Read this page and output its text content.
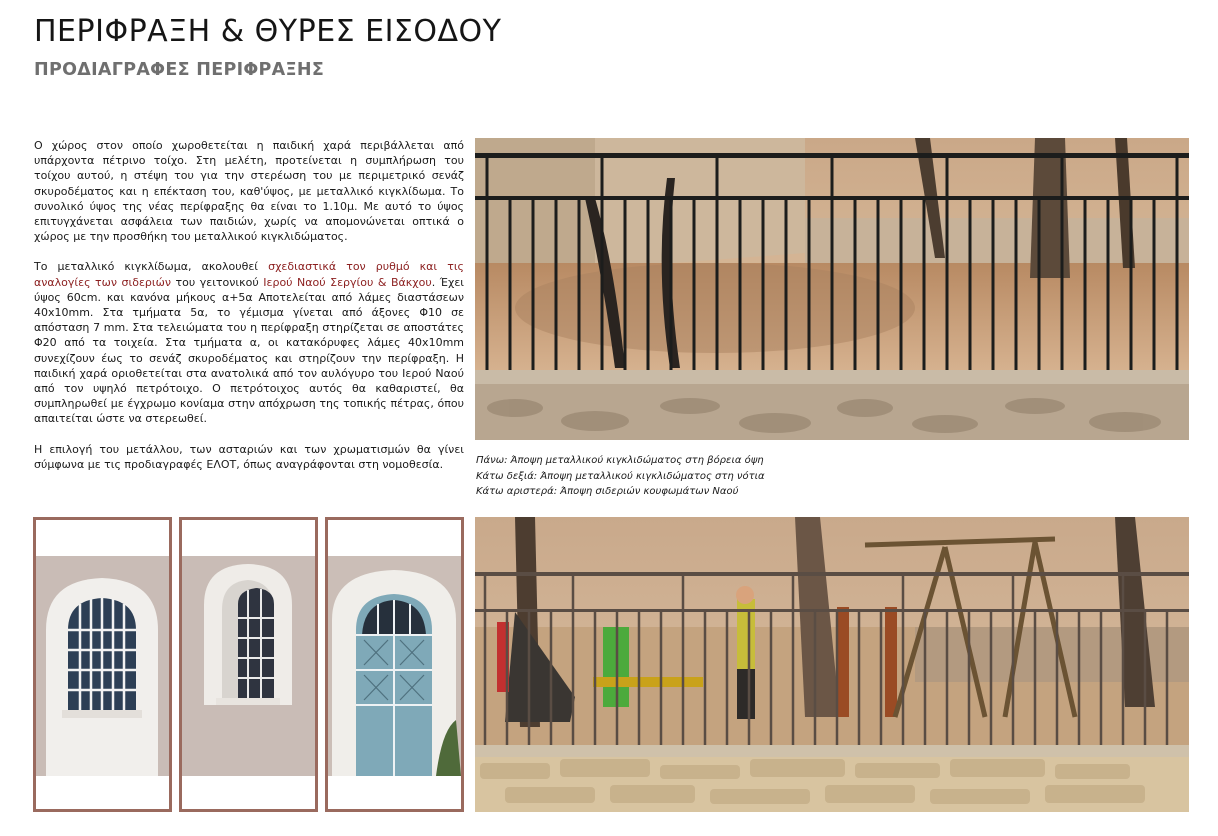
ΠΕΡΙΦΡΑΞΗ & ΘΥΡΕΣ ΕΙΣΟΔΟΥ
ΠΡΟΔΙΑΓΡΑΦΕΣ ΠΕΡΙΦΡΑΞΗΣ

Ο χώρος στον οποίο χωροθετείται η παιδική χαρά περιβάλλεται από υπάρχοντα πέτρινο τοίχο. Στη μελέτη, προτείνεται η συμπλήρωση του τοίχου αυτού, η στέψη του για την στερέωση του με περιμετρικό σενάζ σκυροδέματος και η επέκταση του, καθ'ύψος, με μεταλλικό κιγκλίδωμα. Το συνολικό ύψος της νέας περίφραξης θα είναι το 1.10μ. Με αυτό το ύψος επιτυγχάνεται ασφάλεια των παιδιών, χωρίς να απομονώνεται οπτικά ο χώρος με την προσθήκη του μεταλλικού κιγκλιδώματος.

Το μεταλλικό κιγκλίδωμα, ακολουθεί σχεδιαστικά τον ρυθμό και τις αναλογίες των σιδεριών του γειτονικού Ιερού Ναού Σεργίου & Βάκχου. Έχει ύψος 60cm. και κανόνα μήκους α+5α Αποτελείται από λάμες διαστάσεων 40x10mm. Στα τμήματα 5α, το γέμισμα γίνεται από άξονες Φ10 σε απόσταση 7 mm. Στα τελειώματα του η περίφραξη στηρίζεται σε αποστάτες Φ20 από τα τοιχεία. Στα τμήματα α, οι κατακόρυφες λάμες 40x10mm συνεχίζουν έως το σενάζ σκυροδέματος και στηρίζουν την περίφραξη. Η παιδική χαρά οριοθετείται στα ανατολικά από τον αυλόγυρο του Ιερού Ναού από τον υψηλό πετρότοιχο. Ο πετρότοιχος αυτός θα καθαριστεί, θα συμπληρωθεί με έγχρωμο κονίαμα στην απόχρωση της τοπικής πέτρας, όπου απαιτείται ώστε να στερεωθεί.

Η επιλογή του μετάλλου, των ασταριών και των χρωματισμών θα γίνει σύμφωνα με τις προδιαγραφές ΕΛΟΤ, όπως αναγράφονται στη νομοθεσία.	Πάνω: Άποψη μεταλλικού κιγκλιδώματος στη βόρεια όψη
Κάτω δεξιά: Άποψη μεταλλικού κιγκλιδώματος στη νότια
Κάτω αριστερά: Άποψη σιδεριών κουφωμάτων Ναού
